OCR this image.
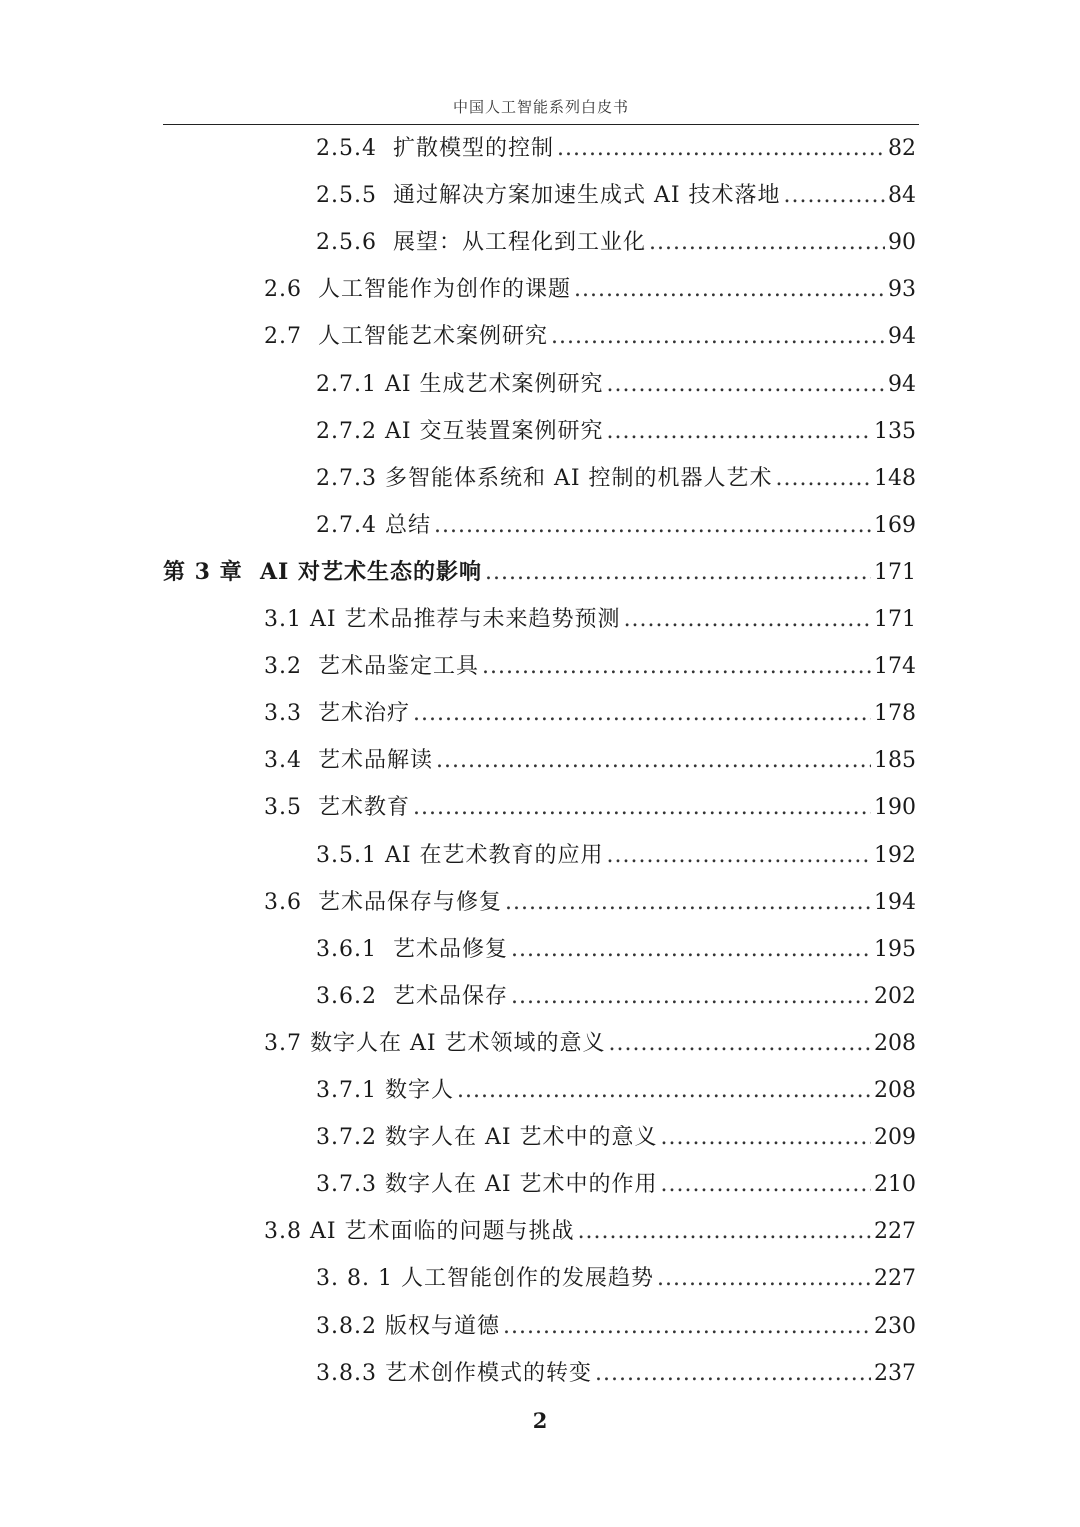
中国人工智能系列白皮书
2.5.4  扩散模型的控制 .....	82
2.5.5  通过解决方案加速生成式 AI 技术落地 .....	84
2.5.6  展望：从工程化到工业化 .....	90
2.6  人工智能作为创作的课题 .....	93
2.7  人工智能艺术案例研究 .....	94
2.7.1 AI 生成艺术案例研究 .....	94
2.7.2 AI 交互装置案例研究 .....	135
2.7.3 多智能体系统和 AI 控制的机器人艺术 .....	148
2.7.4 总结 .....	169
第 3 章  AI 对艺术生态的影响 .....	171
3.1 AI 艺术品推荐与未来趋势预测 .....	171
3.2  艺术品鉴定工具 .....	174
3.3  艺术治疗 .....	178
3.4  艺术品解读 .....	185
3.5  艺术教育 .....	190
3.5.1 AI 在艺术教育的应用 .....	192
3.6  艺术品保存与修复 .....	194
3.6.1  艺术品修复 .....	195
3.6.2  艺术品保存 .....	202
3.7 数字人在 AI 艺术领域的意义 .....	208
3.7.1 数字人 .....	208
3.7.2 数字人在 AI 艺术中的意义 .....	209
3.7.3 数字人在 AI 艺术中的作用 .....	210
3.8 AI 艺术面临的问题与挑战 .....	227
3. 8. 1 人工智能创作的发展趋势 .....	227
3.8.2 版权与道德 .....	230
3.8.3 艺术创作模式的转变 .....	237
2
